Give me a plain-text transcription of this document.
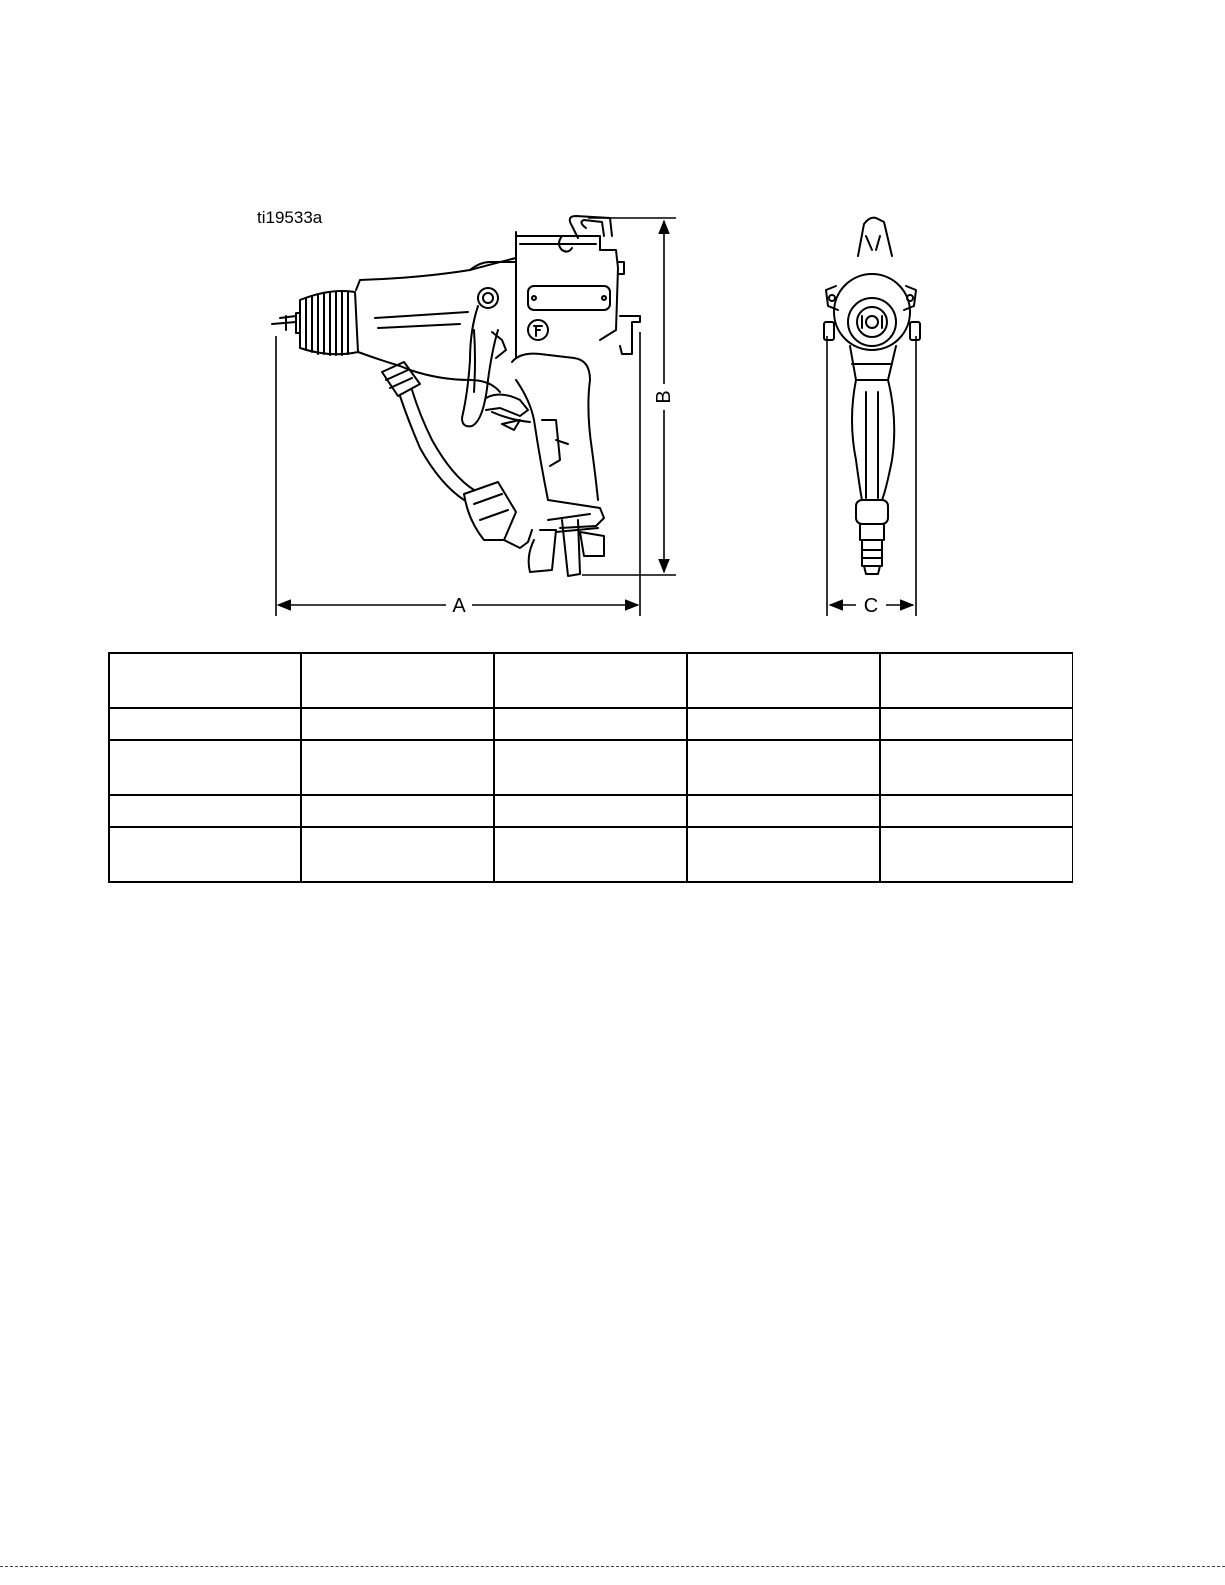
ti19533a
A
B
C
